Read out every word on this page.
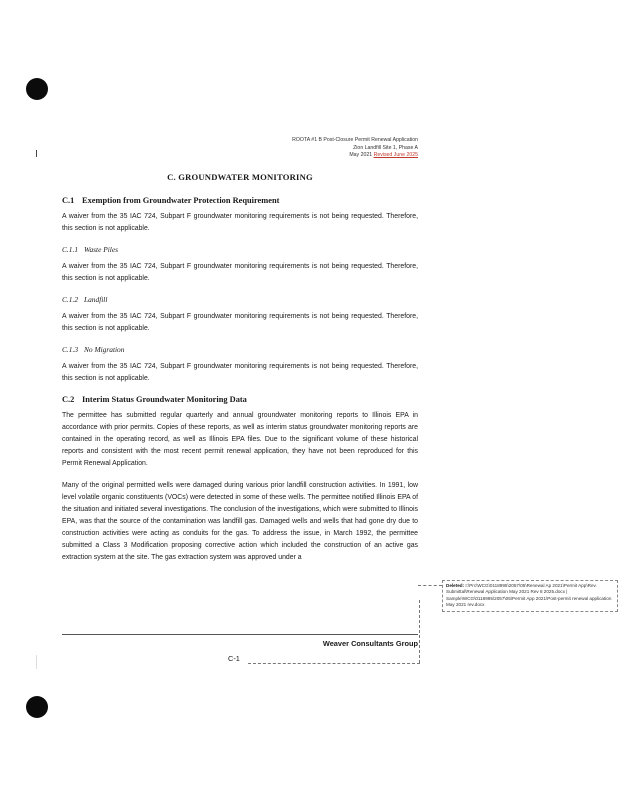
ROOTA #1 B Post-Closure Permit Renewal Application
Zion Landfill Site 1, Phase A
May 2021 Revised June 2025
C. GROUNDWATER MONITORING
C.1 Exemption from Groundwater Protection Requirement

A waiver from the 35 IAC 724, Subpart F groundwater monitoring requirements is not being requested. Therefore, this section is not applicable.

C.1.1 Waste Piles

A waiver from the 35 IAC 724, Subpart F groundwater monitoring requirements is not being requested. Therefore, this section is not applicable.

C.1.2 Landfill

A waiver from the 35 IAC 724, Subpart F groundwater monitoring requirements is not being requested. Therefore, this section is not applicable.

C.1.3 No Migration

A waiver from the 35 IAC 724, Subpart F groundwater monitoring requirements is not being requested. Therefore, this section is not applicable.

C.2 Interim Status Groundwater Monitoring Data

The permittee has submitted regular quarterly and annual groundwater monitoring reports to Illinois EPA in accordance with prior permits. Copies of these reports, as well as interim status groundwater monitoring reports are contained in the operating record, as well as Illinois EPA files. Due to the significant volume of these historical reports and consistent with the most recent permit renewal application, they have not been reproduced for this Permit Renewal Application.

Many of the original permitted wells were damaged during various prior landfill construction activities. In 1991, low level volatile organic constituents (VOCs) were detected in some of these wells. The permittee notified Illinois EPA of the situation and initiated several investigations. The conclusion of the investigations, which were submitted to Illinois EPA, was that the source of the contamination was landfill gas. Damaged wells and wells that had gone dry due to construction activities were acting as conduits for the gas. To address the issue, in March 1992, the permittee submitted a Class 3 Modification proposing corrective action which included the construction of an active gas extraction system at the site. The gas extraction system was approved under a

Deleted: I:\Prc\WCG\0118995\2057\05\Renewal Ap 2021\Permit App\Rev. Submittal\Renewal Application May 2021 Rev 8 2025.docx | Sample\WCG\0118995\2057\05\Permit App 2021\Post-permit renewal application May 2021 rev.docx
Weaver Consultants Group
C-1
